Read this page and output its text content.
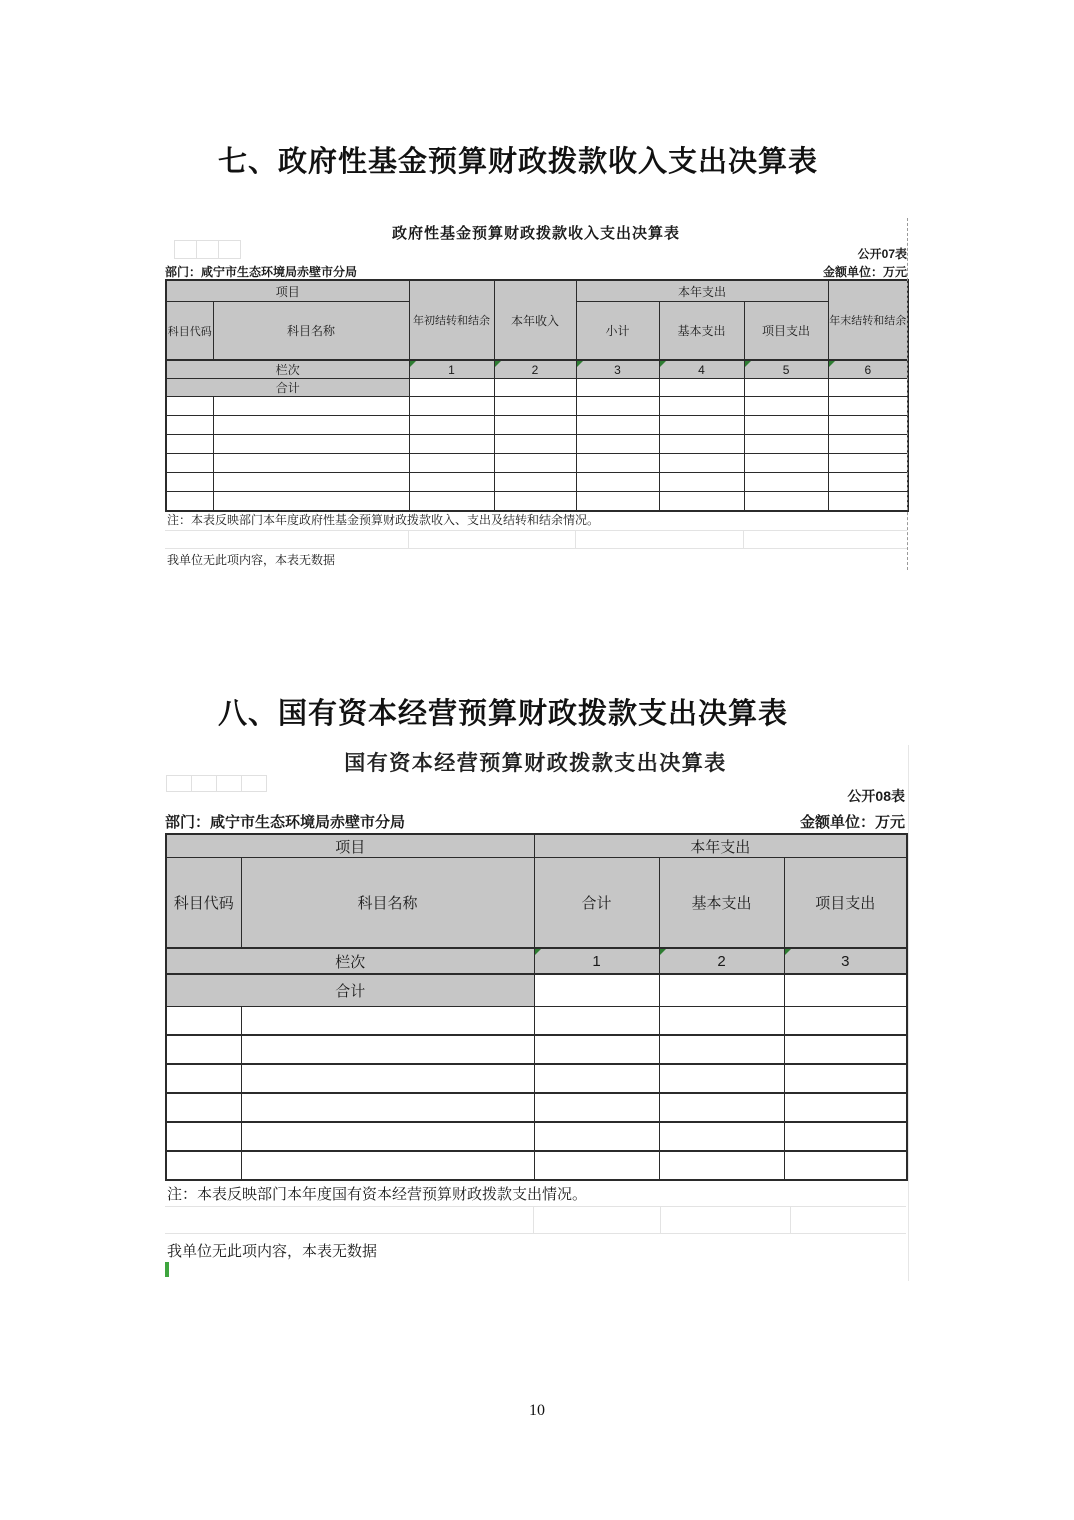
七、政府性基金预算财政拨款收入支出决算表
政府性基金预算财政拨款收入支出决算表
公开07表
部门：咸宁市生态环境局赤壁市分局	金额单位：万元
项目		年初结转和结余	本年收入	本年支出			年末结转和结余
科目代码	科目名称			小计	基本支出	项目支出	
栏次		1	2	3	4	5	6
合计							

注：本表反映部门本年度政府性基金预算财政拨款收入、支出及结转和结余情况。
我单位无此项内容，本表无数据
八、国有资本经营预算财政拨款支出决算表
国有资本经营预算财政拨款支出决算表
公开08表
部门：咸宁市生态环境局赤壁市分局	金额单位：万元
项目		本年支出		
科目代码	科目名称	合计	基本支出	项目支出
栏次		1	2	3
合计				

注：本表反映部门本年度国有资本经营预算财政拨款支出情况。
我单位无此项内容，本表无数据
10
